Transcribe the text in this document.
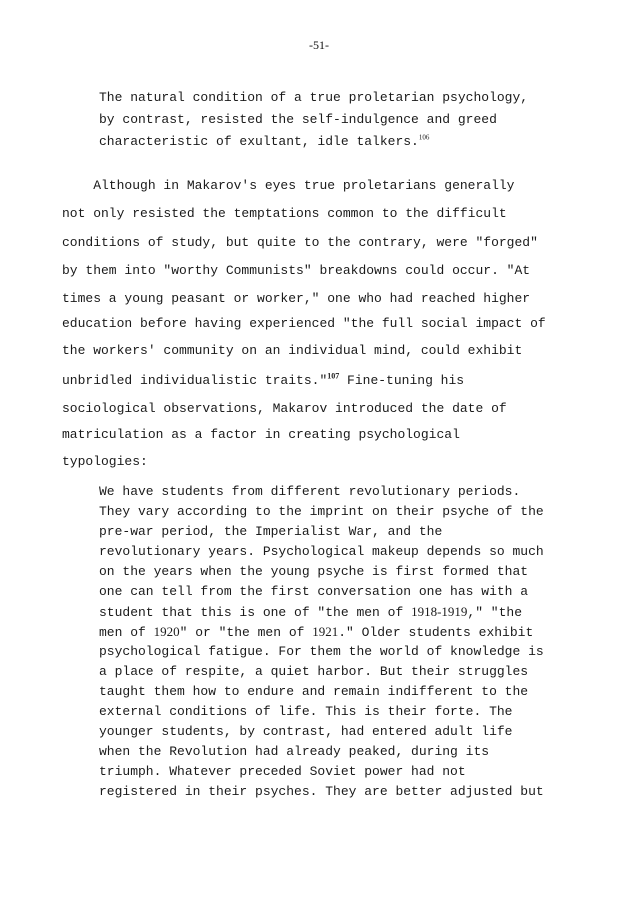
-51-
The natural condition of a true proletarian psychology,
by contrast, resisted the self-indulgence and greed
characteristic of exultant, idle talkers.$^{106}$
Although in Makarov's eyes true proletarians generally
not only resisted the temptations common to the difficult
conditions of study, but quite to the contrary, were "forged"
by them into "worthy Communists" breakdowns could occur. "At
times a young peasant or worker," one who had reached higher
education before having experienced "the full social impact of
the workers' community on an individual mind, could exhibit
unbridled individualistic traits."$^{107}$ Fine-tuning his
sociological observations, Makarov introduced the date of
matriculation as a factor in creating psychological
typologies:
We have students from different revolutionary periods.
They vary according to the imprint on their psyche of the
pre-war period, the Imperialist War, and the
revolutionary years. Psychological makeup depends so much
on the years when the young psyche is first formed that
one can tell from the first conversation one has with a
student that this is one of "the men of 1918-1919," "the
men of 1920" or "the men of 1921." Older students exhibit
psychological fatigue. For them the world of knowledge is
a place of respite, a quiet harbor. But their struggles
taught them how to endure and remain indifferent to the
external conditions of life. This is their forte. The
younger students, by contrast, had entered adult life
when the Revolution had already peaked, during its
triumph. Whatever preceded Soviet power had not
registered in their psyches. They are better adjusted but
